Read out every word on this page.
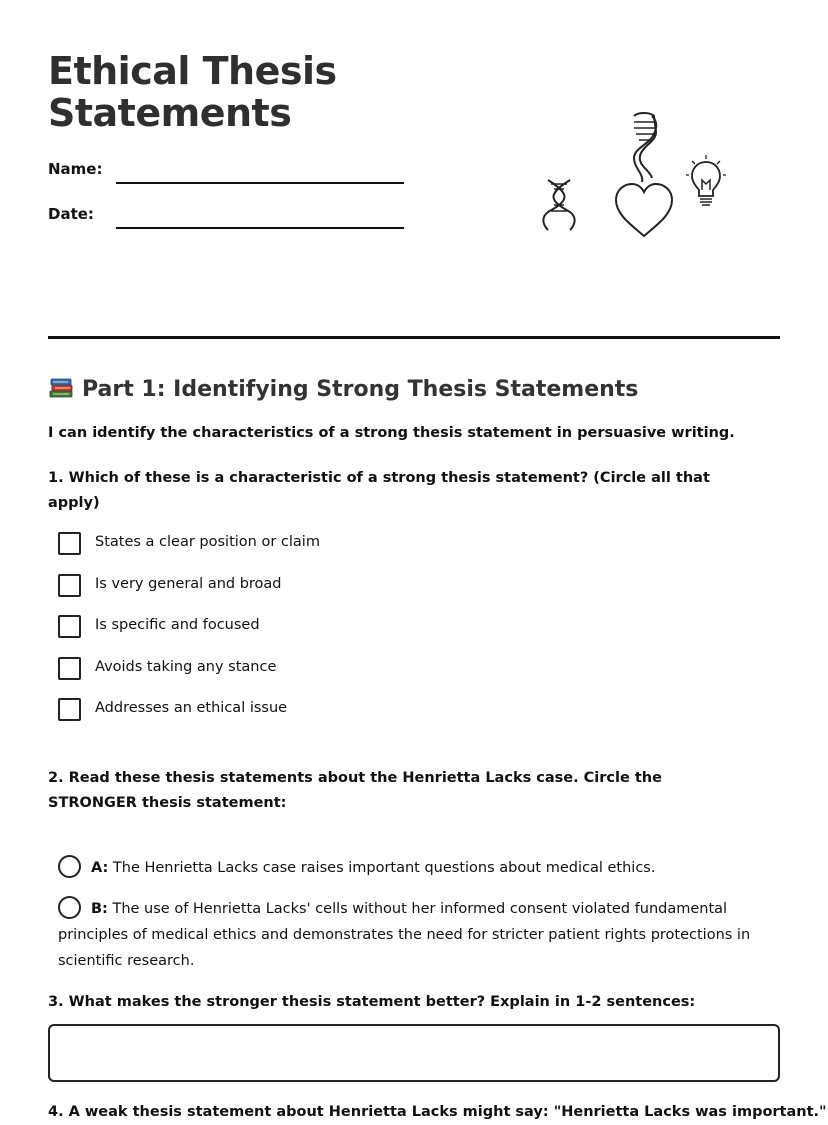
Ethical Thesis Statements
Name:
Date:
Part 1: Identifying Strong Thesis Statements
I can identify the characteristics of a strong thesis statement in persuasive writing.
1. Which of these is a characteristic of a strong thesis statement? (Circle all that apply)
States a clear position or claim
Is very general and broad
Is specific and focused
Avoids taking any stance
Addresses an ethical issue
2. Read these thesis statements about the Henrietta Lacks case. Circle the STRONGER thesis statement:
A: The Henrietta Lacks case raises important questions about medical ethics.
B: The use of Henrietta Lacks' cells without her informed consent violated fundamental principles of medical ethics and demonstrates the need for stricter patient rights protections in scientific research.
3. What makes the stronger thesis statement better? Explain in 1-2 sentences:
4. A weak thesis statement about Henrietta Lacks might say: "Henrietta Lacks was important."
